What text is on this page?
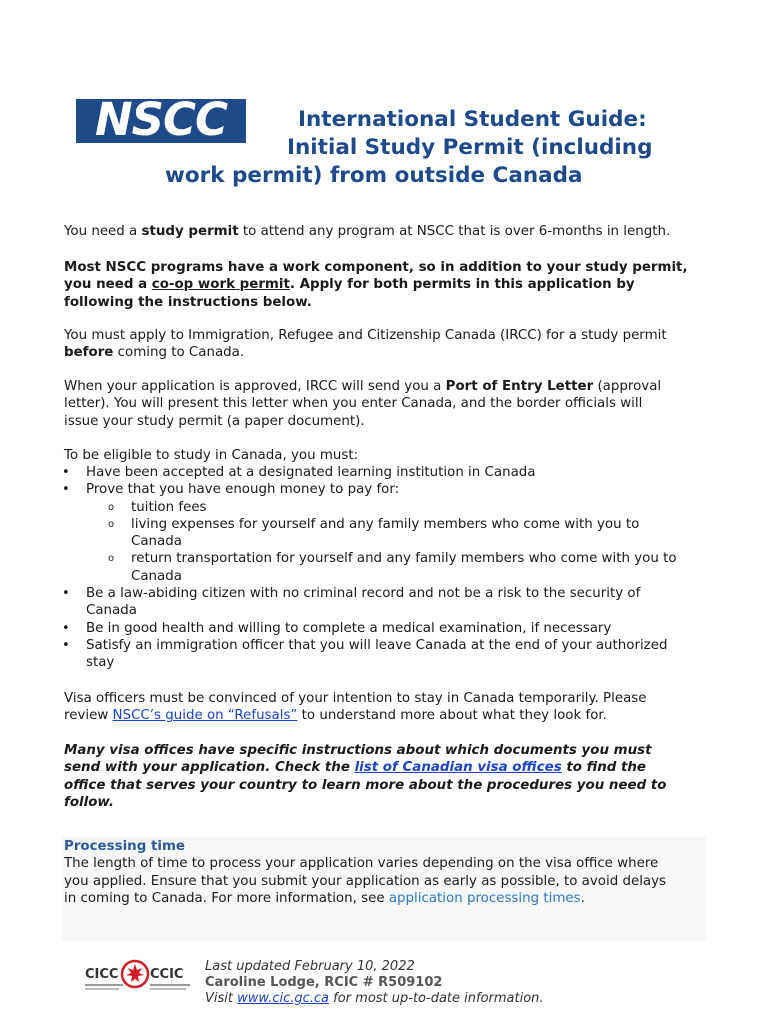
NSCC	International Student Guide:
Initial Study Permit (including
work permit) from outside Canada

You need a study permit to attend any program at NSCC that is over 6-months in length.

Most NSCC programs have a work component, so in addition to your study permit,
you need a co-op work permit. Apply for both permits in this application by
following the instructions below.

You must apply to Immigration, Refugee and Citizenship Canada (IRCC) for a study permit
before coming to Canada.

When your application is approved, IRCC will send you a Port of Entry Letter (approval
letter). You will present this letter when you enter Canada, and the border officials will
issue your study permit (a paper document).

To be eligible to study in Canada, you must:

• Have been accepted at a designated learning institution in Canada
• Prove that you have enough money to pay for:
o tuition fees
o living expenses for yourself and any family members who come with you to
Canada
o return transportation for yourself and any family members who come with you to
Canada
• Be a law-abiding citizen with no criminal record and not be a risk to the security of
Canada
• Be in good health and willing to complete a medical examination, if necessary
• Satisfy an immigration officer that you will leave Canada at the end of your authorized
stay

Visa officers must be convinced of your intention to stay in Canada temporarily. Please
review NSCC’s guide on “Refusals” to understand more about what they look for.

Many visa offices have specific instructions about which documents you must
send with your application. Check the list of Canadian visa offices to find the
office that serves your country to learn more about the procedures you need to
follow.

Processing time
The length of time to process your application varies depending on the visa office where
you applied. Ensure that you submit your application as early as possible, to avoid delays
in coming to Canada. For more information, see application processing times.
CICC CCIC
Last updated February 10, 2022
Caroline Lodge, RCIC # R509102
Visit www.cic.gc.ca for most up-to-date information.
